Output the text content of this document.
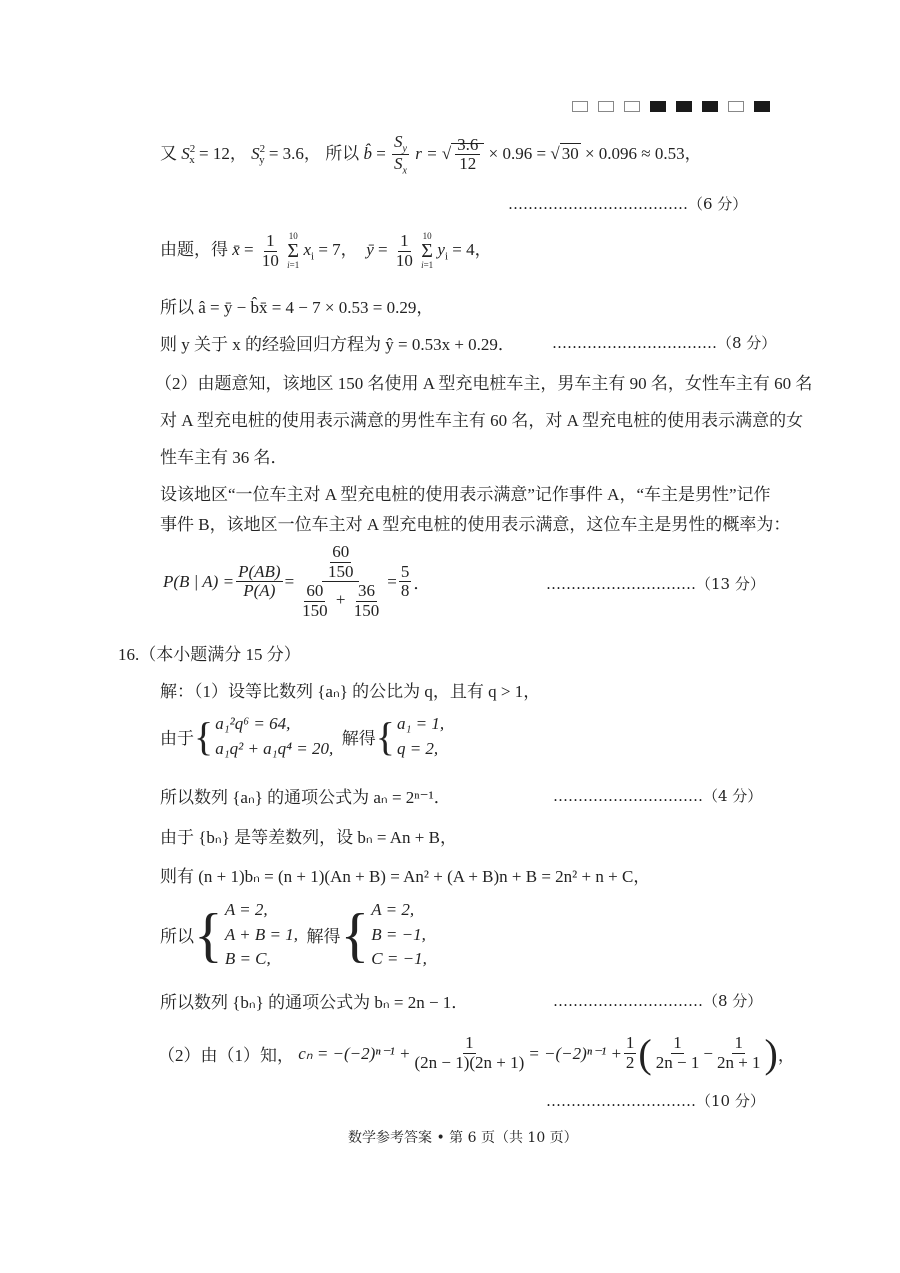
又 $S^2_x = 12$， $S^2_y = 3.6$， 所以 b̂ = $\frac{S_y}{S_x}$ r = √ $\frac{3.6}{12} \times 0.96$ = √ 30 × 0.096 ≈ 0.53，
………………………………（6 分）
由题，得 x̄ = $\frac{1}{10}$
10
Σ
i=1
$x_i = 7$， ȳ = $\frac{1}{10}$
10
Σ
i=1
$y_i = 4$，
所以 â = ȳ − b̂x̄ = 4 − 7 × 0.53 = 0.29，
则 y 关于 x 的经验回归方程为 ŷ = 0.53x + 0.29． ……………………………（8 分）
（2）由题意知，该地区 150 名使用 A 型充电桩车主，男车主有 90 名，女性车主有 60 名
对 A 型充电桩的使用表示满意的男性车主有 60 名，对 A 型充电桩的使用表示满意的女
性车主有 36 名．
设该地区“一位车主对 A 型充电桩的使用表示满意”记作事件 A，“车主是男性”记作
事件 B，该地区一位车主对 A 型充电桩的使用表示满意，这位车主是男性的概率为：
P(B | $A) = \frac{P(AB)}{P(A)} = \frac{\frac{60}{150}}{\frac{60}{150} + \frac{36}{150}} = \frac{5}{8}$ ．	…………………………（13 分）
16.（本小题满分 15 分）
解：（1）设等比数列 {aₙ} 的公比为 q，且有 q > 1，
由于 { a₁²q⁶ = 64,
a₁q² + a₁q⁴ = 20,
解得 { a₁ = 1,
q = 2,
所以数列 {aₙ} 的通项公式为 aₙ = 2ⁿ⁻¹．	…………………………（4 分）
由于 {bₙ} 是等差数列，设 bₙ = An + B，
则有 (n + 1)bₙ = (n + 1)(An + B) = An² + (A + B)n + B = 2n² + n + C，
所以 { A = 2,
A + B = 1,
B = C,

解得 { A = 2,
B = −1,
C = −1,
所以数列 {bₙ} 的通项公式为 bₙ = 2n − 1．	…………………………（8 分）
（2）由（1）知，
$c_n = -(-2)^{n-1} + \frac{1}{(2n - 1)(2n + 1)} = -(-2)^{n-1} + \frac{1}{2}$ ( $\frac{1}{2n - 1} - \frac{1}{2n + 1}$ ) ，
…………………………（10 分）
数学参考答案 • 第 6 页（共 10 页）
